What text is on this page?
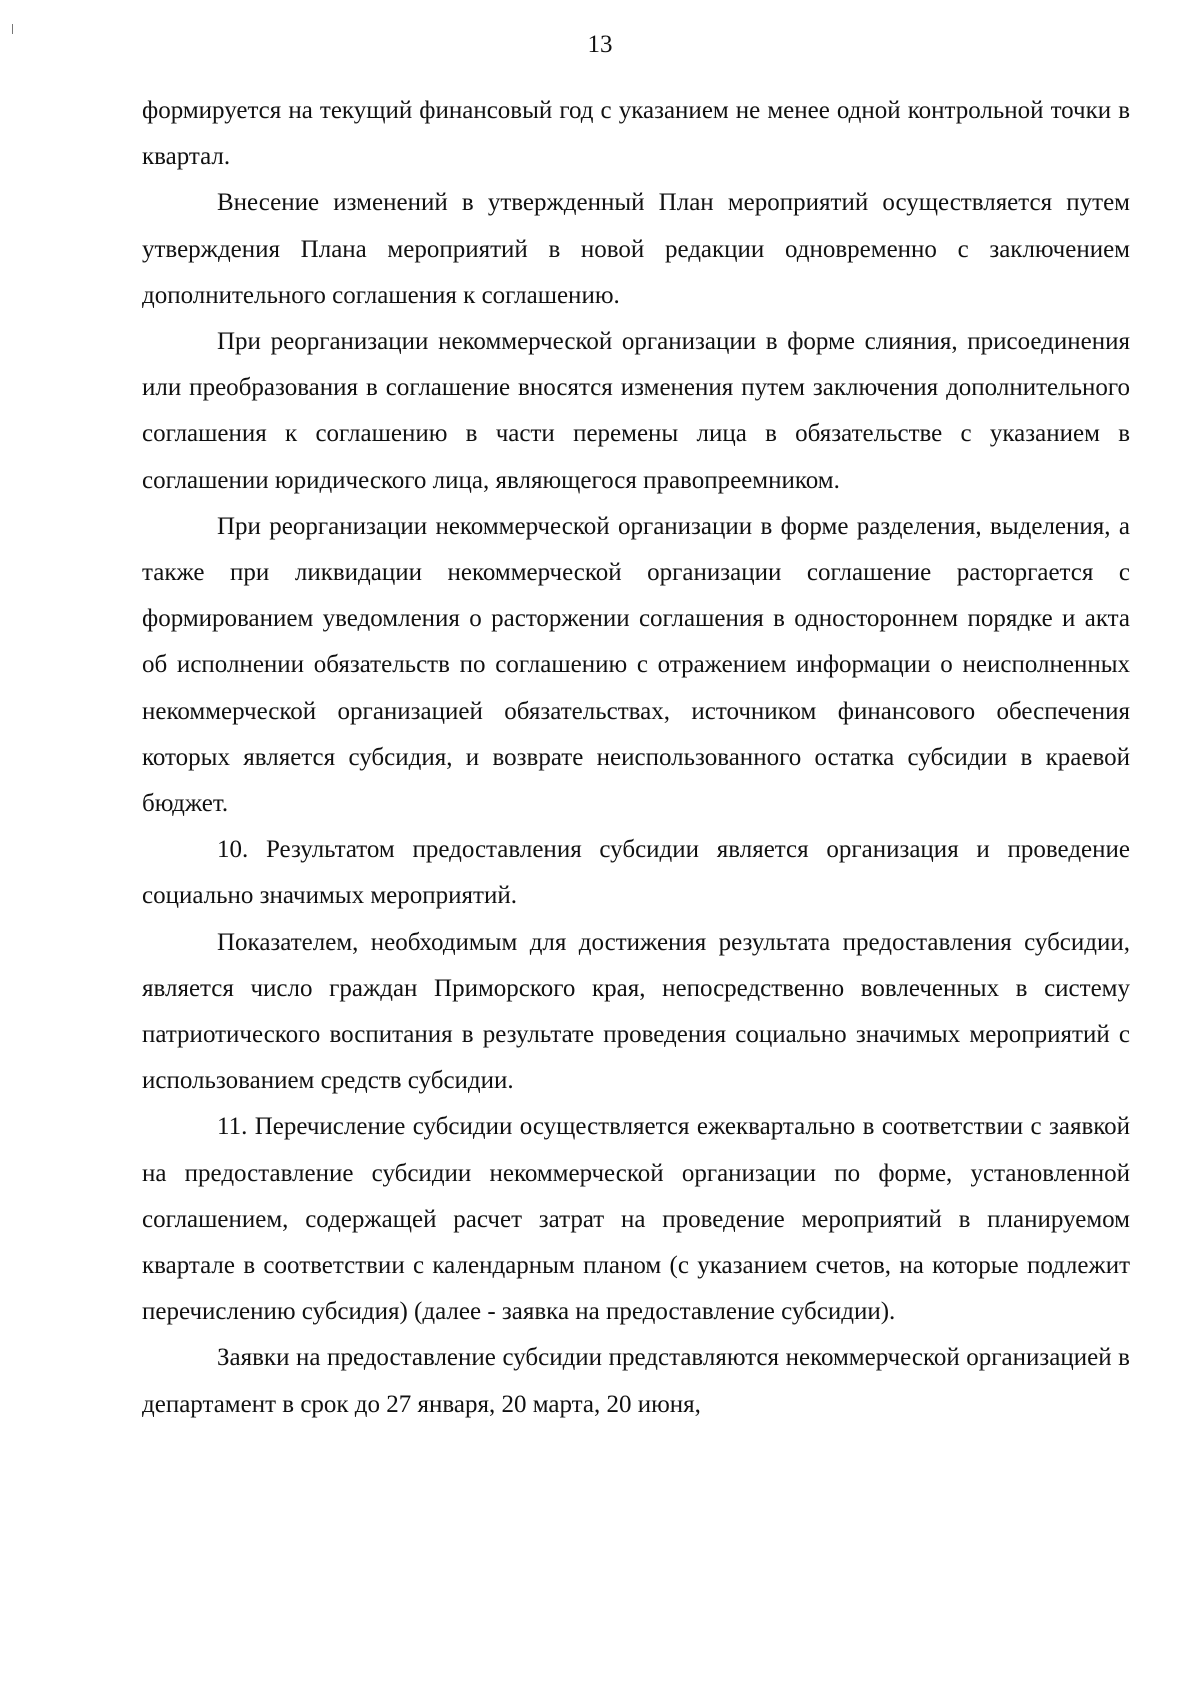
13

формируется на текущий финансовый год с указанием не менее одной контрольной точки в квартал.

Внесение изменений в утвержденный План мероприятий осуществляется путем утверждения Плана мероприятий в новой редакции одновременно с заключением дополнительного соглашения к соглашению.

При реорганизации некоммерческой организации в форме слияния, присоединения или преобразования в соглашение вносятся изменения путем заключения дополнительного соглашения к соглашению в части перемены лица в обязательстве с указанием в соглашении юридического лица, являющегося правопреемником.

При реорганизации некоммерческой организации в форме разделения, выделения, а также при ликвидации некоммерческой организации соглашение расторгается с формированием уведомления о расторжении соглашения в одностороннем порядке и акта об исполнении обязательств по соглашению с отражением информации о неисполненных некоммерческой организацией обязательствах, источником финансового обеспечения которых является субсидия, и возврате неиспользованного остатка субсидии в краевой бюджет.

10. Результатом предоставления субсидии является организация и проведение социально значимых мероприятий.

Показателем, необходимым для достижения результата предоставления субсидии, является число граждан Приморского края, непосредственно вовлеченных в систему патриотического воспитания в результате проведения социально значимых мероприятий с использованием средств субсидии.

11. Перечисление субсидии осуществляется ежеквартально в соответствии с заявкой на предоставление субсидии некоммерческой организации по форме, установленной соглашением, содержащей расчет затрат на проведение мероприятий в планируемом квартале в соответствии с календарным планом (с указанием счетов, на которые подлежит перечислению субсидия) (далее - заявка на предоставление субсидии).

Заявки на предоставление субсидии представляются некоммерческой организацией в департамент в срок до 27 января, 20 марта, 20 июня,
